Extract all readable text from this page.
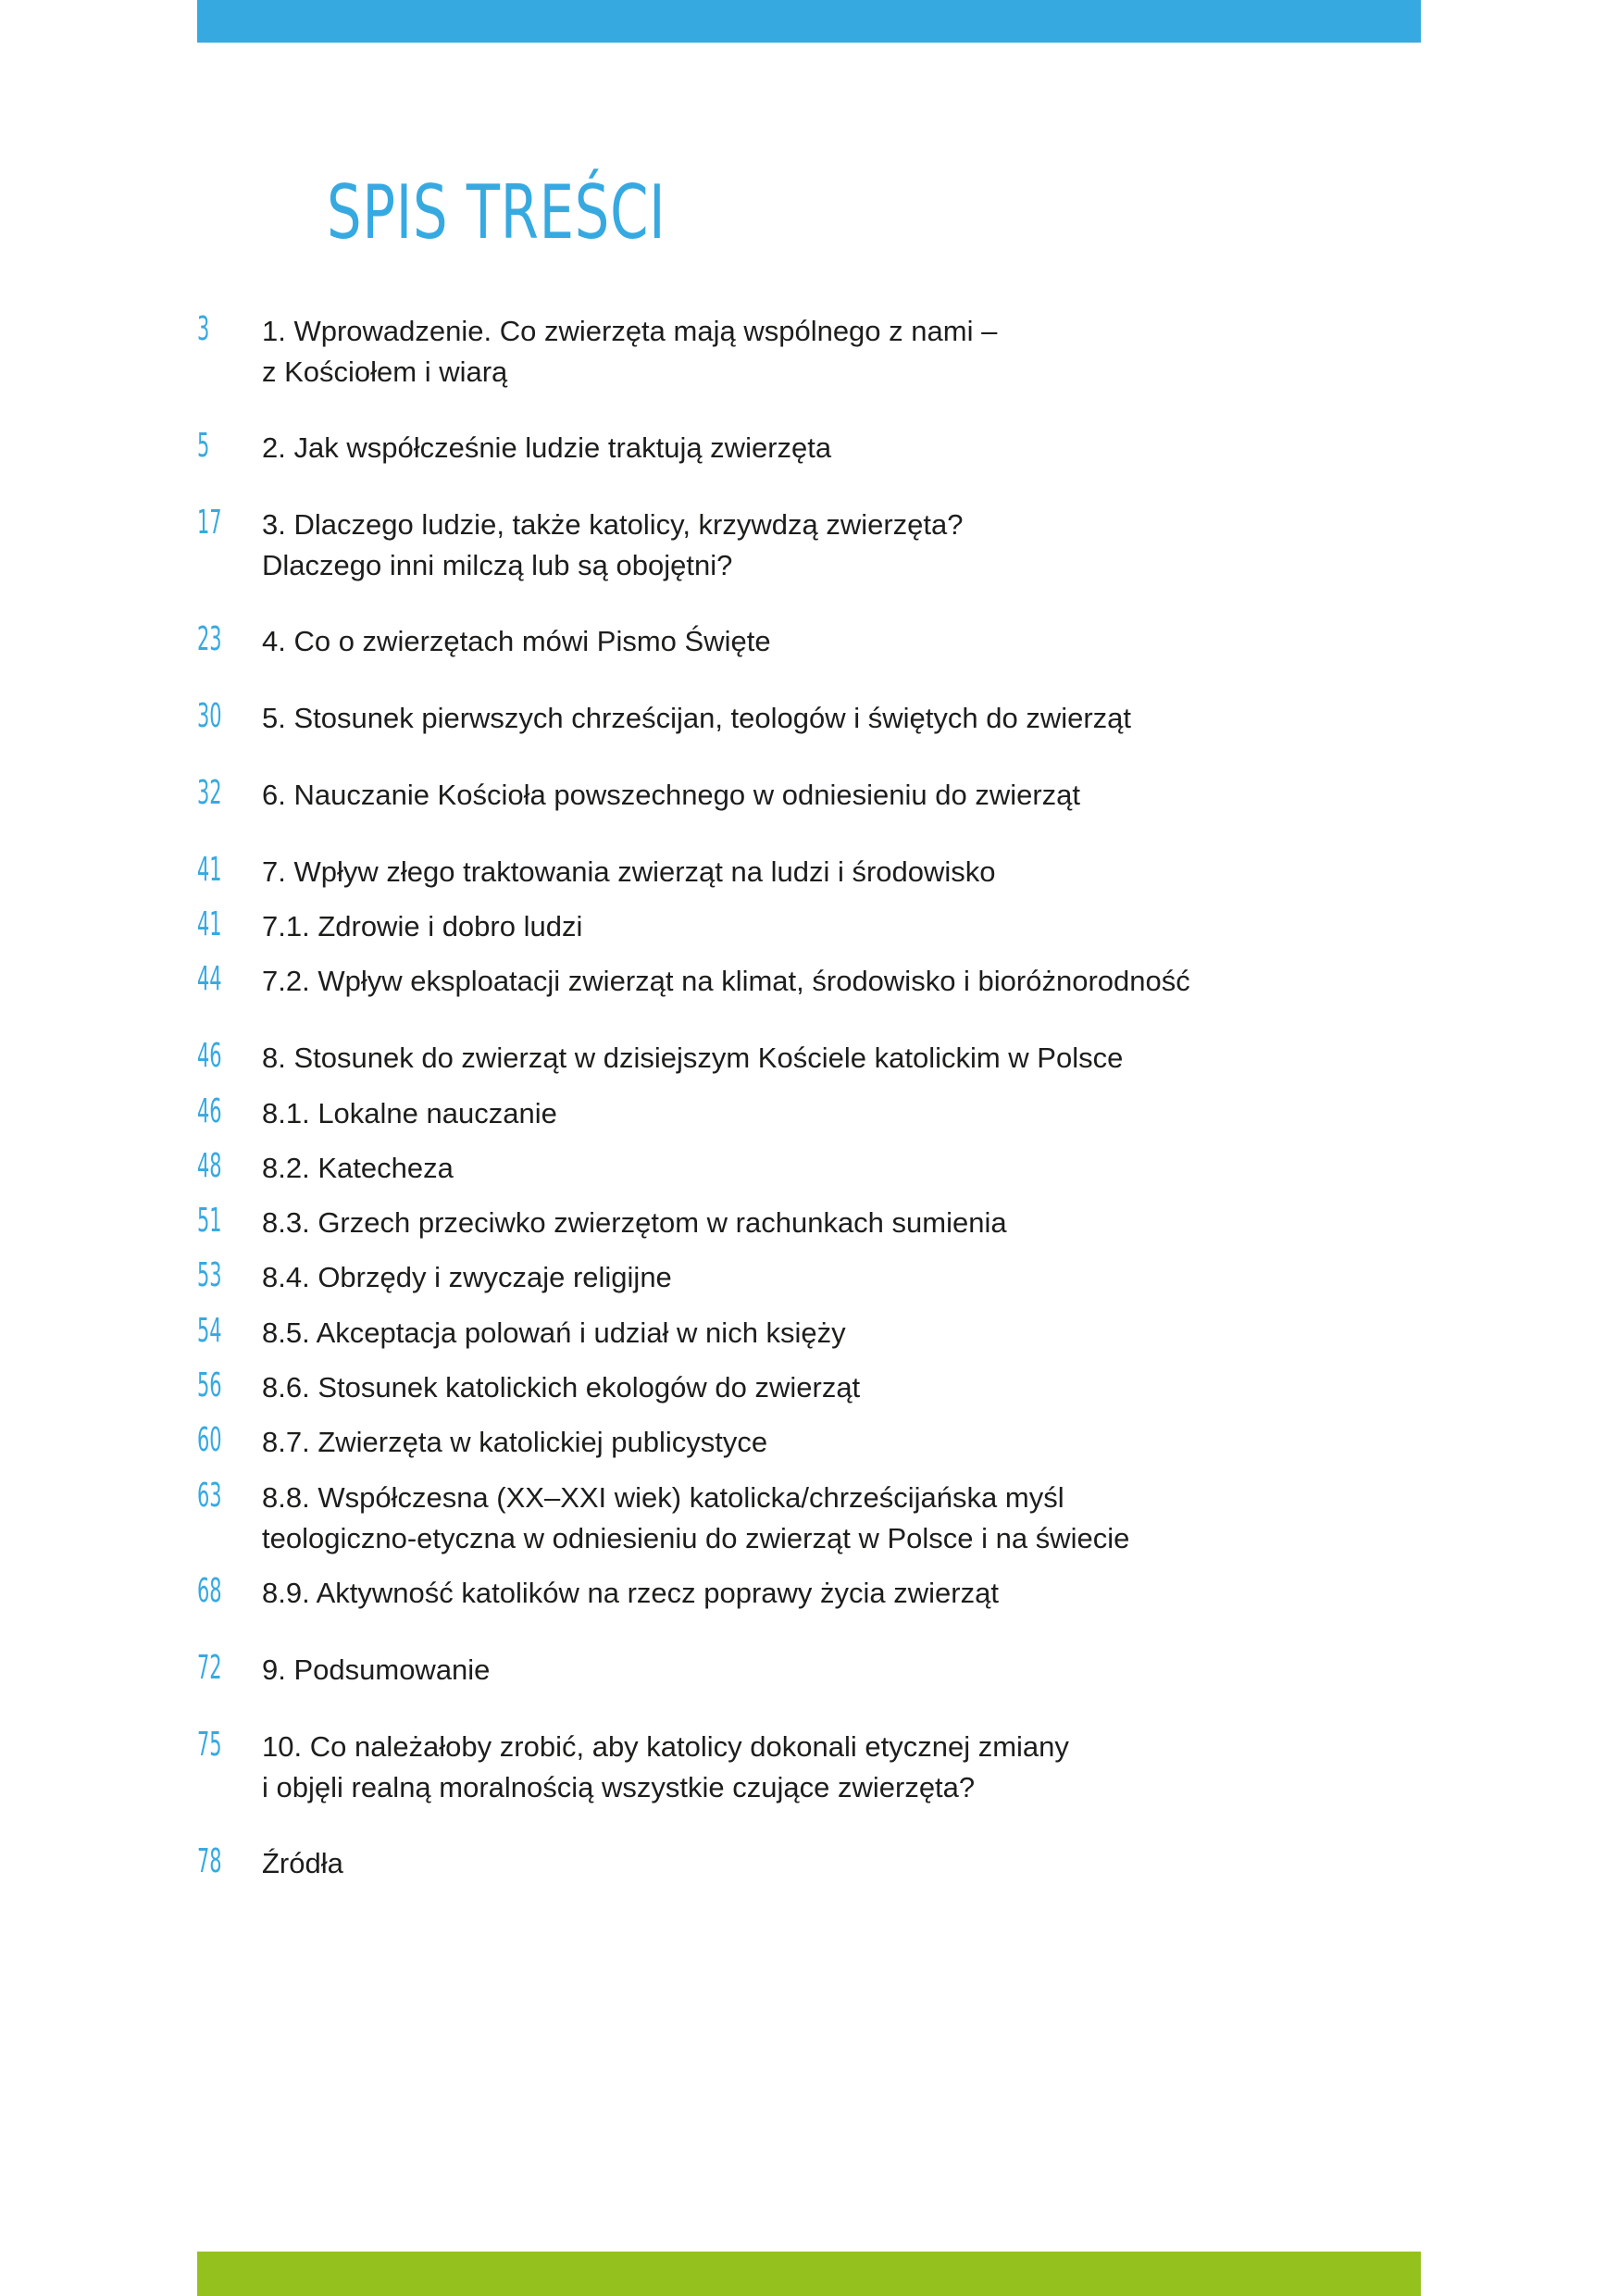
SPIS TREŚCI
3 1. Wprowadzenie. Co zwierzęta mają wspólnego z nami –
z Kościołem i wiarą
5 2. Jak współcześnie ludzie traktują zwierzęta
17 3. Dlaczego ludzie, także katolicy, krzywdzą zwierzęta?
Dlaczego inni milczą lub są obojętni?
23 4. Co o zwierzętach mówi Pismo Święte
30 5. Stosunek pierwszych chrześcijan, teologów i świętych do zwierząt
32 6. Nauczanie Kościoła powszechnego w odniesieniu do zwierząt
41 7. Wpływ złego traktowania zwierząt na ludzi i środowisko
41 7.1. Zdrowie i dobro ludzi
44 7.2. Wpływ eksploatacji zwierząt na klimat, środowisko i bioróżnorodność
46 8. Stosunek do zwierząt w dzisiejszym Kościele katolickim w Polsce
46 8.1. Lokalne nauczanie
48 8.2. Katecheza
51 8.3. Grzech przeciwko zwierzętom w rachunkach sumienia
53 8.4. Obrzędy i zwyczaje religijne
54 8.5. Akceptacja polowań i udział w nich księży
56 8.6. Stosunek katolickich ekologów do zwierząt
60 8.7. Zwierzęta w katolickiej publicystyce
63 8.8. Współczesna (XX–XXI wiek) katolicka/chrześcijańska myśl
teologiczno-etyczna w odniesieniu do zwierząt w Polsce i na świecie
68 8.9. Aktywność katolików na rzecz poprawy życia zwierząt
72 9. Podsumowanie
75 10. Co należałoby zrobić, aby katolicy dokonali etycznej zmiany
i objęli realną moralnością wszystkie czujące zwierzęta?
78 Źródła
